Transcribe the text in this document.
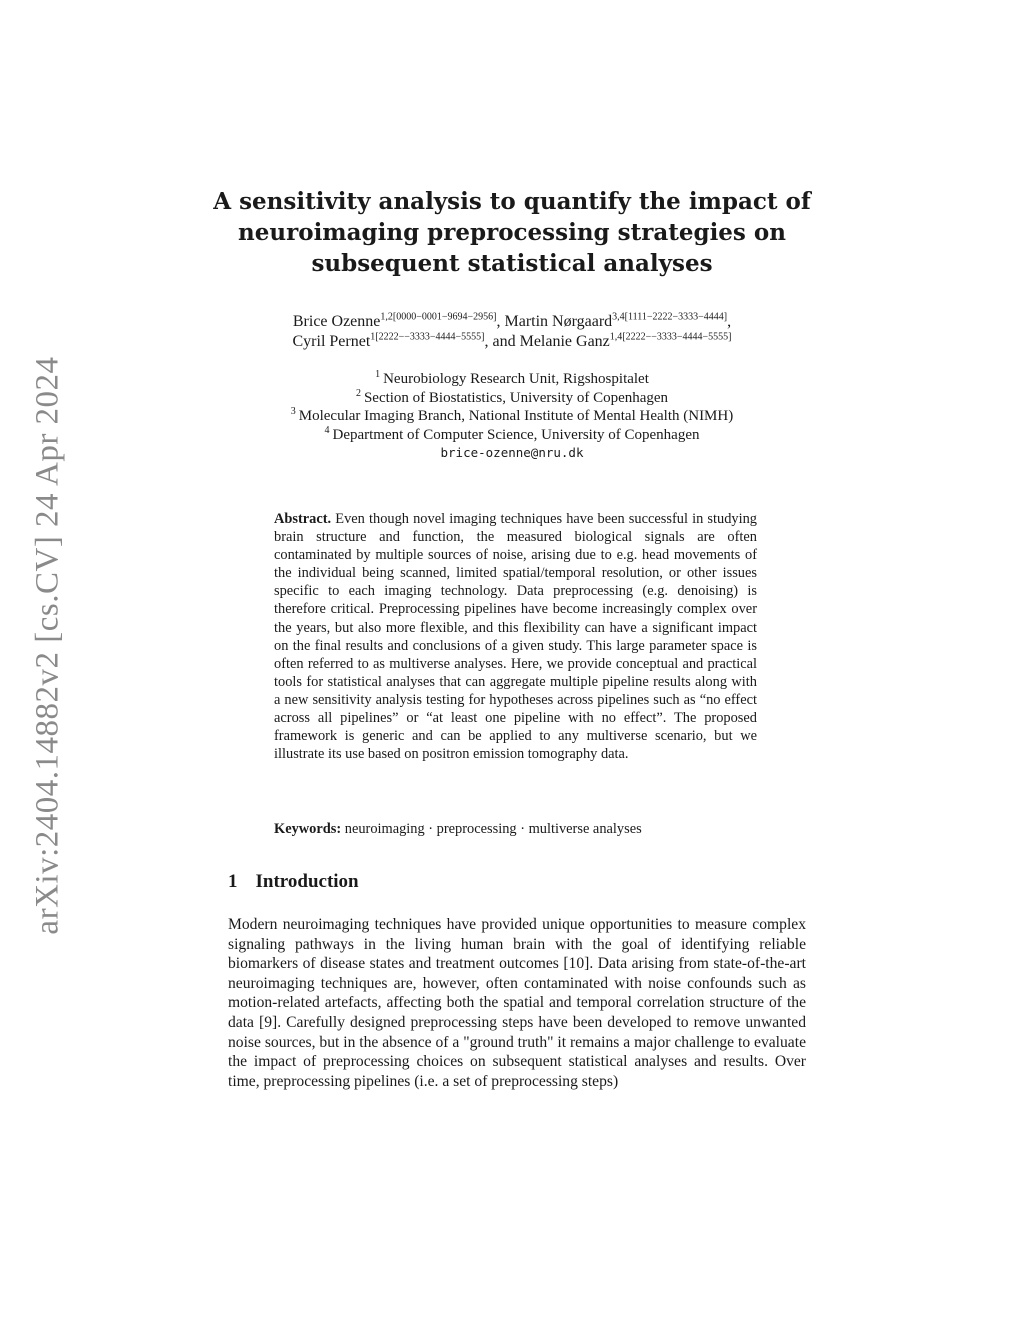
arXiv:2404.14882v2 [cs.CV] 24 Apr 2024
A sensitivity analysis to quantify the impact of neuroimaging preprocessing strategies on subsequent statistical analyses
Brice Ozenne$^{1,2[0000-0001-9694-2956]}$, Martin Nørgaard$^{3,4[1111-2222-3333-4444]}$,
Cyril Pernet$^{1[2222--3333-4444-5555]}$, and Melanie Ganz$^{1,4[2222--3333-4444-5555]}$
$^1$ Neurobiology Research Unit, Rigshospitalet
$^2$ Section of Biostatistics, University of Copenhagen
$^3$ Molecular Imaging Branch, National Institute of Mental Health (NIMH)
$^4$ Department of Computer Science, University of Copenhagen
brice-ozenne@nru.dk
Abstract. Even though novel imaging techniques have been successful in studying brain structure and function, the measured biological signals are often contaminated by multiple sources of noise, arising due to e.g. head movements of the individual being scanned, limited spatial/temporal resolution, or other issues specific to each imaging technology. Data preprocessing (e.g. denoising) is therefore critical. Preprocessing pipelines have become increasingly complex over the years, but also more flexible, and this flexibility can have a significant impact on the final results and conclusions of a given study. This large parameter space is often referred to as multiverse analyses. Here, we provide conceptual and practical tools for statistical analyses that can aggregate multiple pipeline results along with a new sensitivity analysis testing for hypotheses across pipelines such as “no effect across all pipelines” or “at least one pipeline with no effect”. The proposed framework is generic and can be applied to any multiverse scenario, but we illustrate its use based on positron emission tomography data.
Keywords: neuroimaging · preprocessing · multiverse analyses
1 Introduction
Modern neuroimaging techniques have provided unique opportunities to measure complex signaling pathways in the living human brain with the goal of identifying reliable biomarkers of disease states and treatment outcomes [10]. Data arising from state-of-the-art neuroimaging techniques are, however, often contaminated with noise confounds such as motion-related artefacts, affecting both the spatial and temporal correlation structure of the data [9]. Carefully designed preprocessing steps have been developed to remove unwanted noise sources, but in the absence of a "ground truth" it remains a major challenge to evaluate the impact of preprocessing choices on subsequent statistical analyses and results. Over time, preprocessing pipelines (i.e. a set of preprocessing steps)
